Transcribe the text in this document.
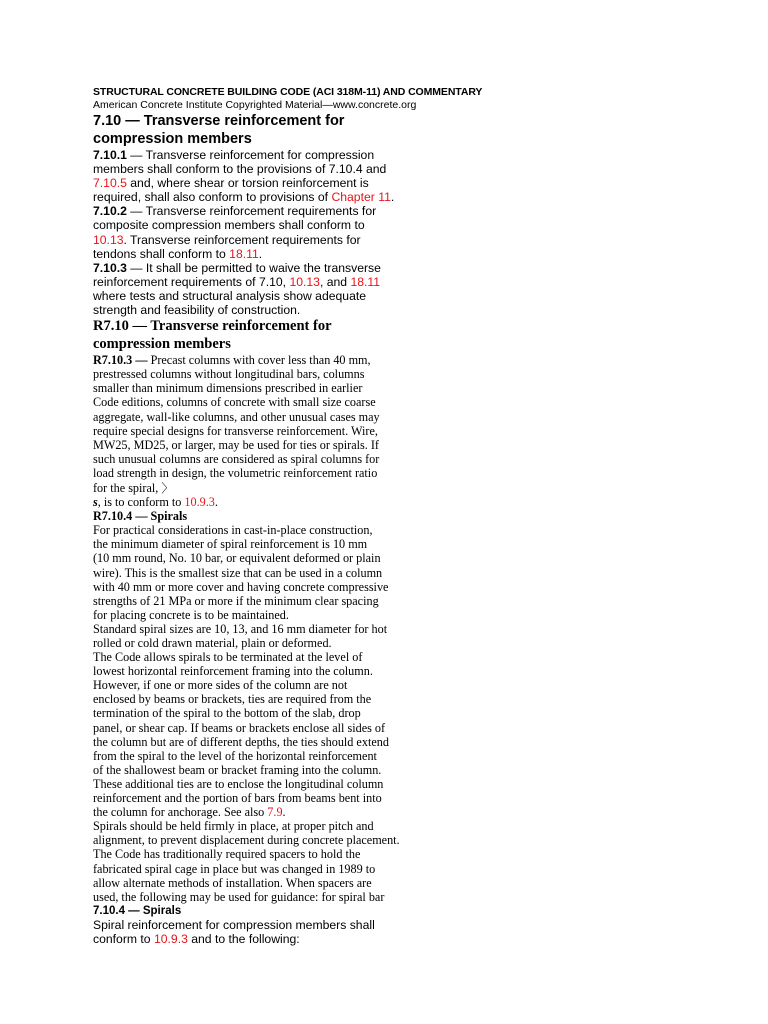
STRUCTURAL CONCRETE BUILDING CODE (ACI 318M-11) AND COMMENTARY
American Concrete Institute Copyrighted Material—www.concrete.org
7.10 — Transverse reinforcement for
compression members
7.10.1 — Transverse reinforcement for compression
members shall conform to the provisions of 7.10.4 and
7.10.5 and, where shear or torsion reinforcement is
required, shall also conform to provisions of Chapter 11.
7.10.2 — Transverse reinforcement requirements for
composite compression members shall conform to
10.13. Transverse reinforcement requirements for
tendons shall conform to 18.11.
7.10.3 — It shall be permitted to waive the transverse
reinforcement requirements of 7.10, 10.13, and 18.11
where tests and structural analysis show adequate
strength and feasibility of construction.
R7.10 — Transverse reinforcement for
compression members
R7.10.3 — Precast columns with cover less than 40 mm,
prestressed columns without longitudinal bars, columns
smaller than minimum dimensions prescribed in earlier
Code editions, columns of concrete with small size coarse
aggregate, wall-like columns, and other unusual cases may
require special designs for transverse reinforcement. Wire,
MW25, MD25, or larger, may be used for ties or spirals. If
such unusual columns are considered as spiral columns for
load strength in design, the volumetric reinforcement ratio
for the spiral, 〉
s, is to conform to 10.9.3.
R7.10.4 — Spirals
For practical considerations in cast-in-place construction,
the minimum diameter of spiral reinforcement is 10 mm
(10 mm round, No. 10 bar, or equivalent deformed or plain
wire). This is the smallest size that can be used in a column
with 40 mm or more cover and having concrete compressive
strengths of 21 MPa or more if the minimum clear spacing
for placing concrete is to be maintained.
Standard spiral sizes are 10, 13, and 16 mm diameter for hot
rolled or cold drawn material, plain or deformed.
The Code allows spirals to be terminated at the level of
lowest horizontal reinforcement framing into the column.
However, if one or more sides of the column are not
enclosed by beams or brackets, ties are required from the
termination of the spiral to the bottom of the slab, drop
panel, or shear cap. If beams or brackets enclose all sides of
the column but are of different depths, the ties should extend
from the spiral to the level of the horizontal reinforcement
of the shallowest beam or bracket framing into the column.
These additional ties are to enclose the longitudinal column
reinforcement and the portion of bars from beams bent into
the column for anchorage. See also 7.9.
Spirals should be held firmly in place, at proper pitch and
alignment, to prevent displacement during concrete placement.
The Code has traditionally required spacers to hold the
fabricated spiral cage in place but was changed in 1989 to
allow alternate methods of installation. When spacers are
used, the following may be used for guidance: for spiral bar
7.10.4 — Spirals
Spiral reinforcement for compression members shall
conform to 10.9.3 and to the following:
